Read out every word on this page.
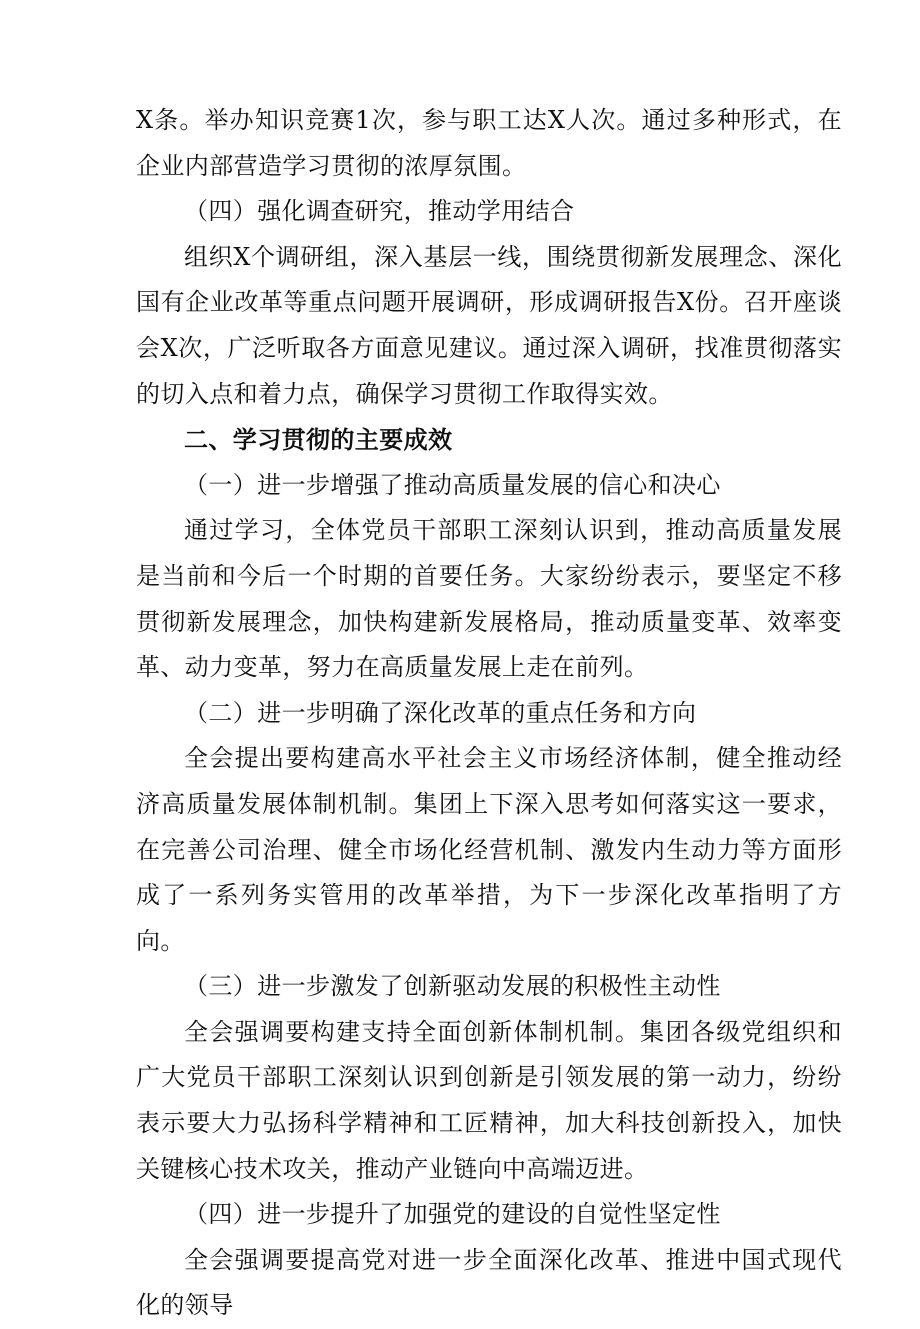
X条。举办知识竞赛1次，参与职工达X人次。通过多种形式，在企业内部营造学习贯彻的浓厚氛围。

（四）强化调查研究，推动学用结合

组织X个调研组，深入基层一线，围绕贯彻新发展理念、深化国有企业改革等重点问题开展调研，形成调研报告X份。召开座谈会X次，广泛听取各方面意见建议。通过深入调研，找准贯彻落实的切入点和着力点，确保学习贯彻工作取得实效。

二、学习贯彻的主要成效

（一）进一步增强了推动高质量发展的信心和决心

通过学习，全体党员干部职工深刻认识到，推动高质量发展是当前和今后一个时期的首要任务。大家纷纷表示，要坚定不移贯彻新发展理念，加快构建新发展格局，推动质量变革、效率变革、动力变革，努力在高质量发展上走在前列。

（二）进一步明确了深化改革的重点任务和方向

全会提出要构建高水平社会主义市场经济体制，健全推动经济高质量发展体制机制。集团上下深入思考如何落实这一要求，在完善公司治理、健全市场化经营机制、激发内生动力等方面形成了一系列务实管用的改革举措，为下一步深化改革指明了方向。

（三）进一步激发了创新驱动发展的积极性主动性

全会强调要构建支持全面创新体制机制。集团各级党组织和广大党员干部职工深刻认识到创新是引领发展的第一动力，纷纷表示要大力弘扬科学精神和工匠精神，加大科技创新投入，加快关键核心技术攻关，推动产业链向中高端迈进。

（四）进一步提升了加强党的建设的自觉性坚定性

全会强调要提高党对进一步全面深化改革、推进中国式现代化的领导
